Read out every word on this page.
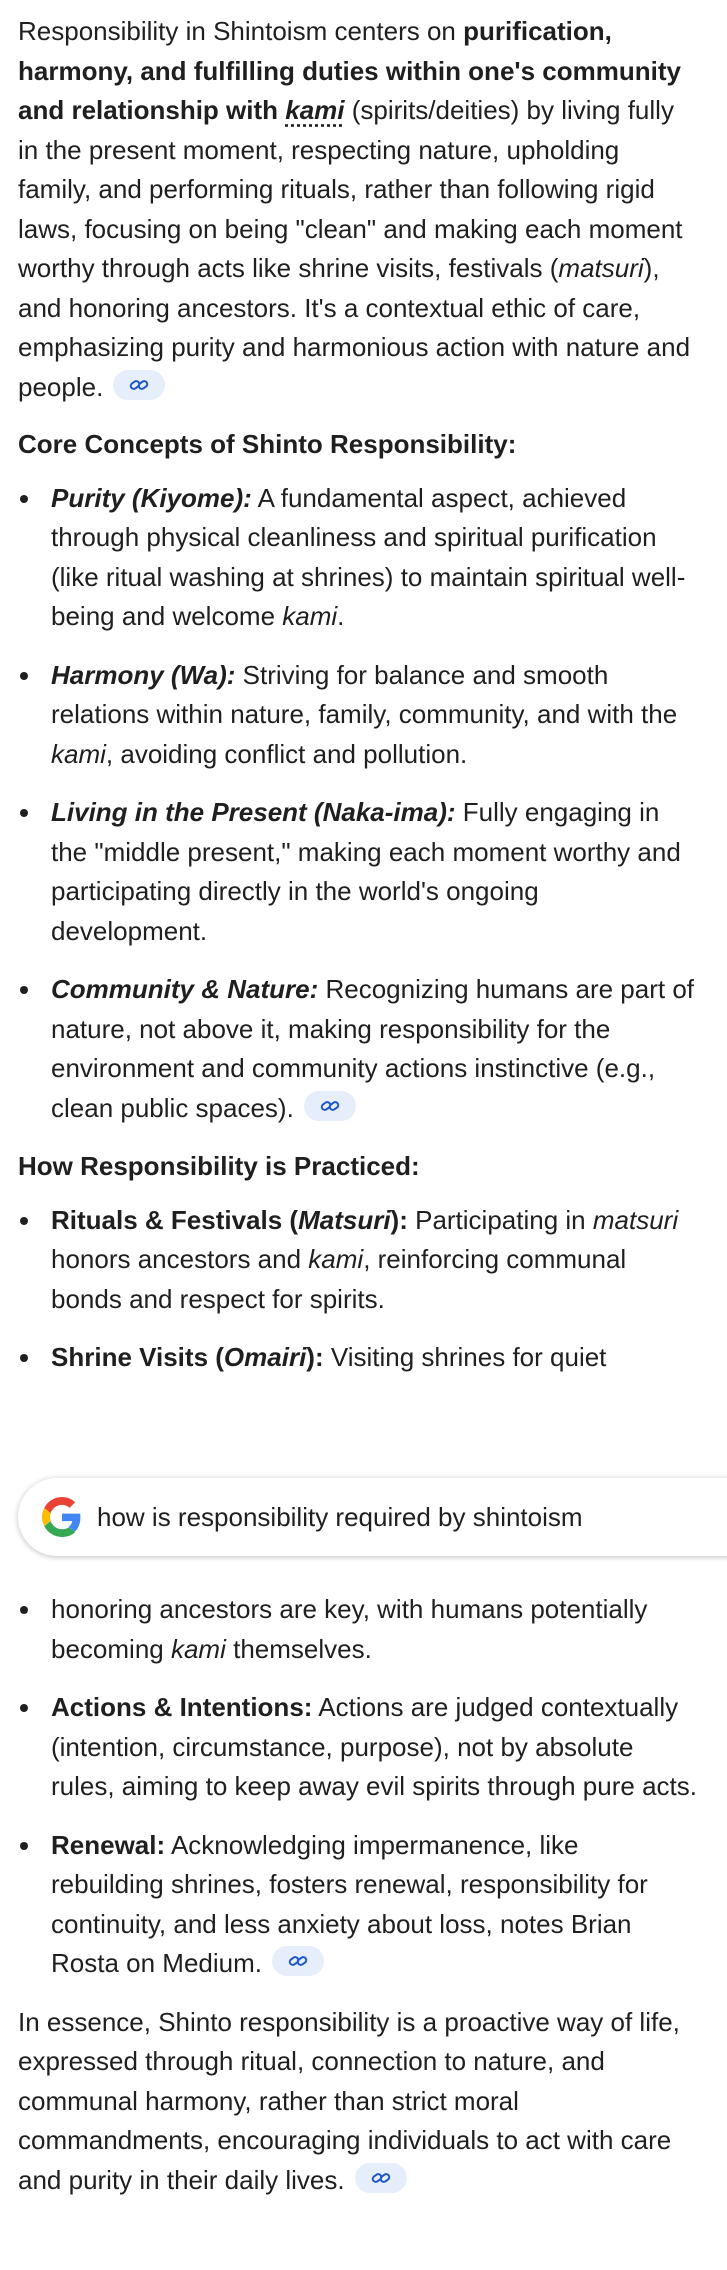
Responsibility in Shintoism centers on purification, harmony, and fulfilling duties within one's community and relationship with kami (spirits/deities) by living fully in the present moment, respecting nature, upholding family, and performing rituals, rather than following rigid laws, focusing on being "clean" and making each moment worthy through acts like shrine visits, festivals (matsuri), and honoring ancestors. It's a contextual ethic of care, emphasizing purity and harmonious action with nature and people.

Core Concepts of Shinto Responsibility:
Purity (Kiyome): A fundamental aspect, achieved through physical cleanliness and spiritual purification (like ritual washing at shrines) to maintain spiritual well-being and welcome kami.
Harmony (Wa): Striving for balance and smooth relations within nature, family, community, and with the kami, avoiding conflict and pollution.
Living in the Present (Naka-ima): Fully engaging in the "middle present," making each moment worthy and participating directly in the world's ongoing development.
Community & Nature: Recognizing humans are part of nature, not above it, making responsibility for the environment and community actions instinctive (e.g., clean public spaces).
How Responsibility is Practiced:
Rituals & Festivals (Matsuri): Participating in matsuri honors ancestors and kami, reinforcing communal bonds and respect for spirits.
Shrine Visits (Omairi): Visiting shrines for quiet
how is responsibility required by shintoism
honoring ancestors are key, with humans potentially becoming kami themselves.
Actions & Intentions: Actions are judged contextually (intention, circumstance, purpose), not by absolute rules, aiming to keep away evil spirits through pure acts.
Renewal: Acknowledging impermanence, like rebuilding shrines, fosters renewal, responsibility for continuity, and less anxiety about loss, notes Brian Rosta on Medium.

In essence, Shinto responsibility is a proactive way of life, expressed through ritual, connection to nature, and communal harmony, rather than strict moral commandments, encouraging individuals to act with care and purity in their daily lives.
